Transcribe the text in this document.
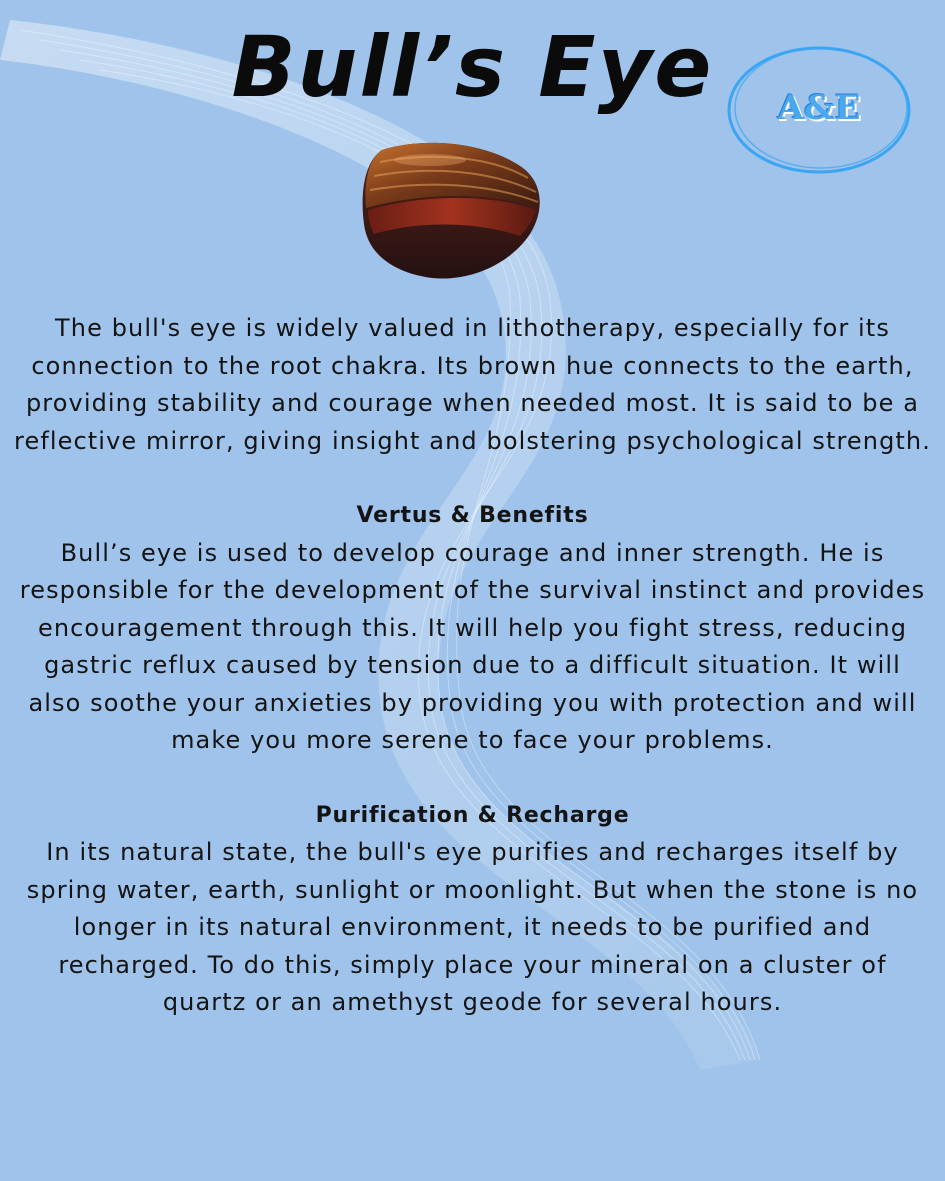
Bull’s Eye	A&E

The bull's eye is widely valued in lithotherapy, especially for its connection to the root chakra. Its brown hue connects to the earth, providing stability and courage when needed most. It is said to be a reflective mirror, giving insight and bolstering psychological strength.

Vertus & Benefits

Bull’s eye is used to develop courage and inner strength. He is responsible for the development of the survival instinct and provides encouragement through this. It will help you fight stress, reducing gastric reflux caused by tension due to a difficult situation. It will also soothe your anxieties by providing you with protection and will make you more serene to face your problems.

Purification & Recharge

In its natural state, the bull's eye purifies and recharges itself by spring water, earth, sunlight or moonlight. But when the stone is no longer in its natural environment, it needs to be purified and recharged. To do this, simply place your mineral on a cluster of quartz or an amethyst geode for several hours.
